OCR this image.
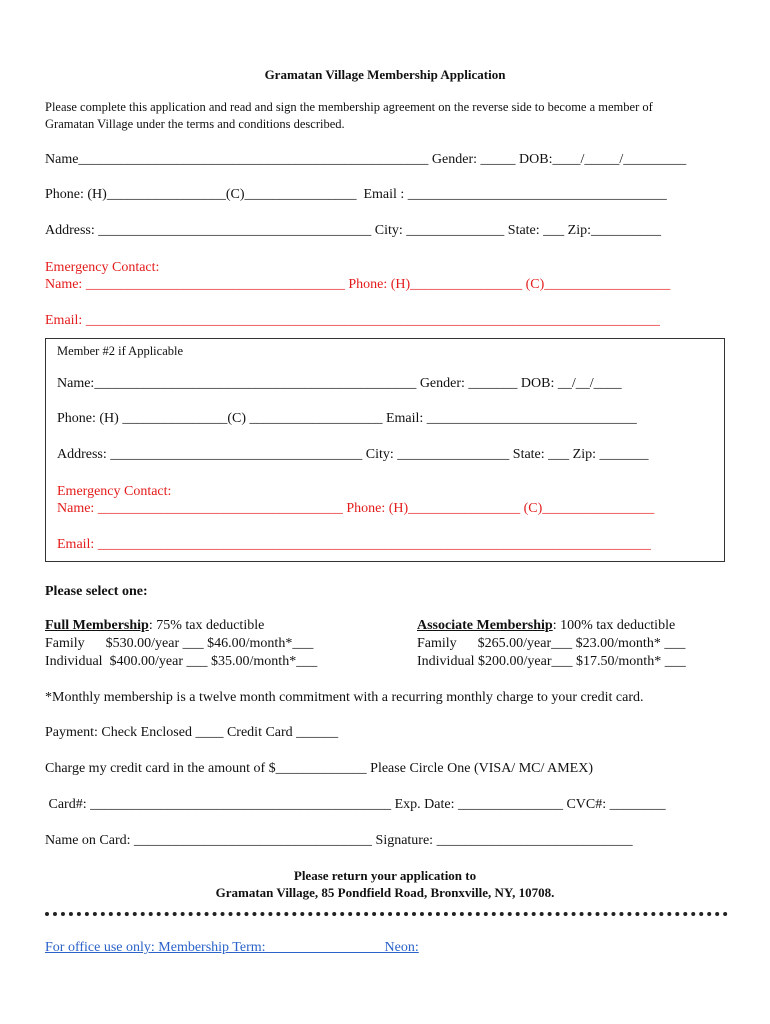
Gramatan Village Membership Application
Please complete this application and read and sign the membership agreement on the reverse side to become a member of
Gramatan Village under the terms and conditions described.
Name__________________________________________________ Gender: _____ DOB:____/_____/_________
Phone: (H)_________________(C)________________  Email : _____________________________________
Address: _______________________________________ City: ______________ State: ___ Zip:__________
Emergency Contact:
Name: _____________________________________ Phone: (H)________________ (C)__________________
Email: __________________________________________________________________________________
Member #2 if Applicable
Name:______________________________________________ Gender: _______ DOB: __/__/____
Phone: (H) _______________(C) ___________________ Email: ______________________________
Address: ____________________________________ City: ________________ State: ___ Zip: _______
Emergency Contact:
Name: ___________________________________ Phone: (H)________________ (C)________________
Email: _______________________________________________________________________________
Please select one:
Full Membership: 75% tax deductible
Family      $530.00/year ___ $46.00/month*___
Individual  $400.00/year ___ $35.00/month*___
Associate Membership: 100% tax deductible
Family      $265.00/year___ $23.00/month* ___
Individual $200.00/year___ $17.50/month* ___
*Monthly membership is a twelve month commitment with a recurring monthly charge to your credit card.
Payment: Check Enclosed ____ Credit Card ______
Charge my credit card in the amount of $_____________ Please Circle One (VISA/ MC/ AMEX)
Card#: ___________________________________________ Exp. Date: _______________ CVC#: ________
Name on Card: __________________________________ Signature: ____________________________
Please return your application to
Gramatan Village, 85 Pondfield Road, Bronxville, NY, 10708.
For office use only: Membership Term:	Neon:
